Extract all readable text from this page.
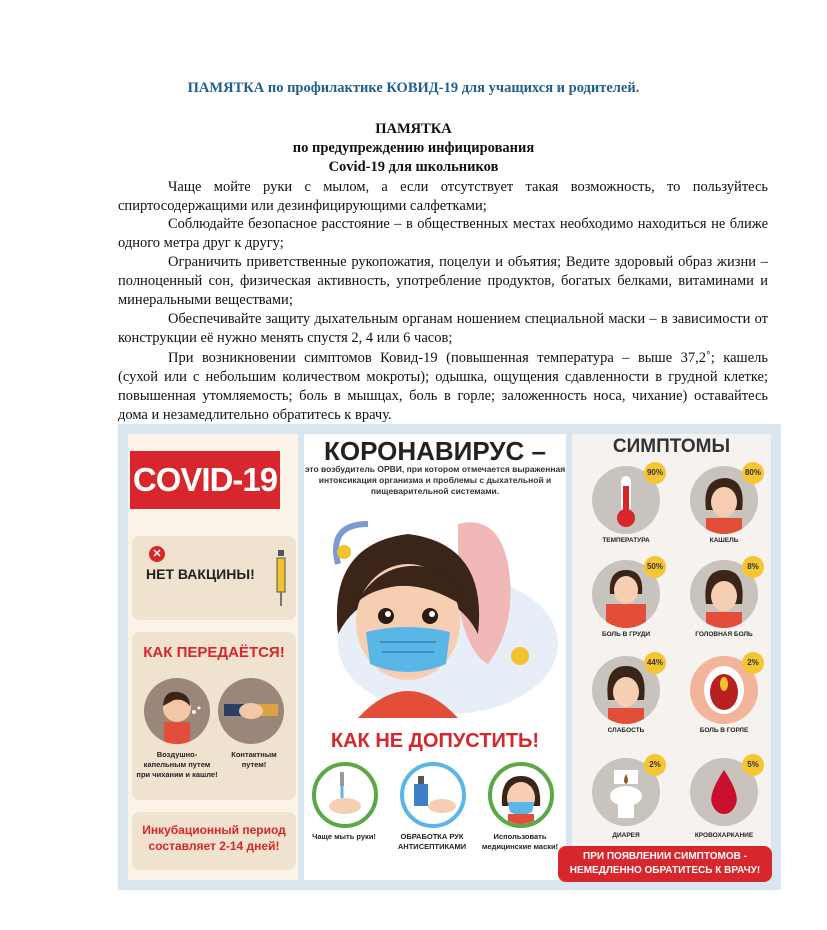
ПАМЯТКА по профилактике КОВИД-19 для учащихся и родителей.
ПАМЯТКА
по предупреждению инфицирования
Covid-19 для школьников
Чаще мойте руки с мылом, а если отсутствует такая возможность, то пользуйтесь спиртосодержащими или дезинфицирующими салфетками;
Соблюдайте безопасное расстояние – в общественных местах необходимо находиться не ближе одного метра друг к другу;
Ограничить приветственные рукопожатия, поцелуи и объятия; Ведите здоровый образ жизни – полноценный сон, физическая активность, употребление продуктов, богатых белками, витаминами и минеральными веществами;
Обеспечивайте защиту дыхательным органам ношением специальной маски – в зависимости от конструкции её нужно менять спустя 2, 4 или 6 часов;
При возникновении симптомов Ковид-19 (повышенная температура – выше 37,2˚; кашель (сухой или с небольшим количеством мокроты); одышка, ощущения сдавленности в грудной клетке; повышенная утомляемость; боль в мышцах, боль в горле; заложенность носа, чихание) оставайтесь дома и незамедлительно обратитесь к врачу.
COVID-19
✕
НЕТ ВАКЦИНЫ!
КАК ПЕРЕДАЁТСЯ!
Воздушно-капельным путем при чихании и кашле!
Контактным путем!
Инкубационный период составляет 2-14 дней!
КОРОНАВИРУС –
это возбудитель ОРВИ, при котором отмечается выраженная интоксикация организма и проблемы с дыхательной и пищеварительной системами.
КАК НЕ ДОПУСТИТЬ!
Чаще мыть руки!	ОБРАБОТКА РУК АНТИСЕПТИКАМИ
Использовать медицинские маски!
СИМПТОМЫ
90%
ТЕМПЕРАТУРА
80%
КАШЕЛЬ
50%
БОЛЬ В ГРУДИ
8%
ГОЛОВНАЯ БОЛЬ
44%
СЛАБОСТЬ
2%
БОЛЬ В ГОРЛЕ
2%
ДИАРЕЯ
5%
КРОВОХАРКАНИЕ
ПРИ ПОЯВЛЕНИИ СИМПТОМОВ - НЕМЕДЛЕННО ОБРАТИТЕСЬ К ВРАЧУ!
